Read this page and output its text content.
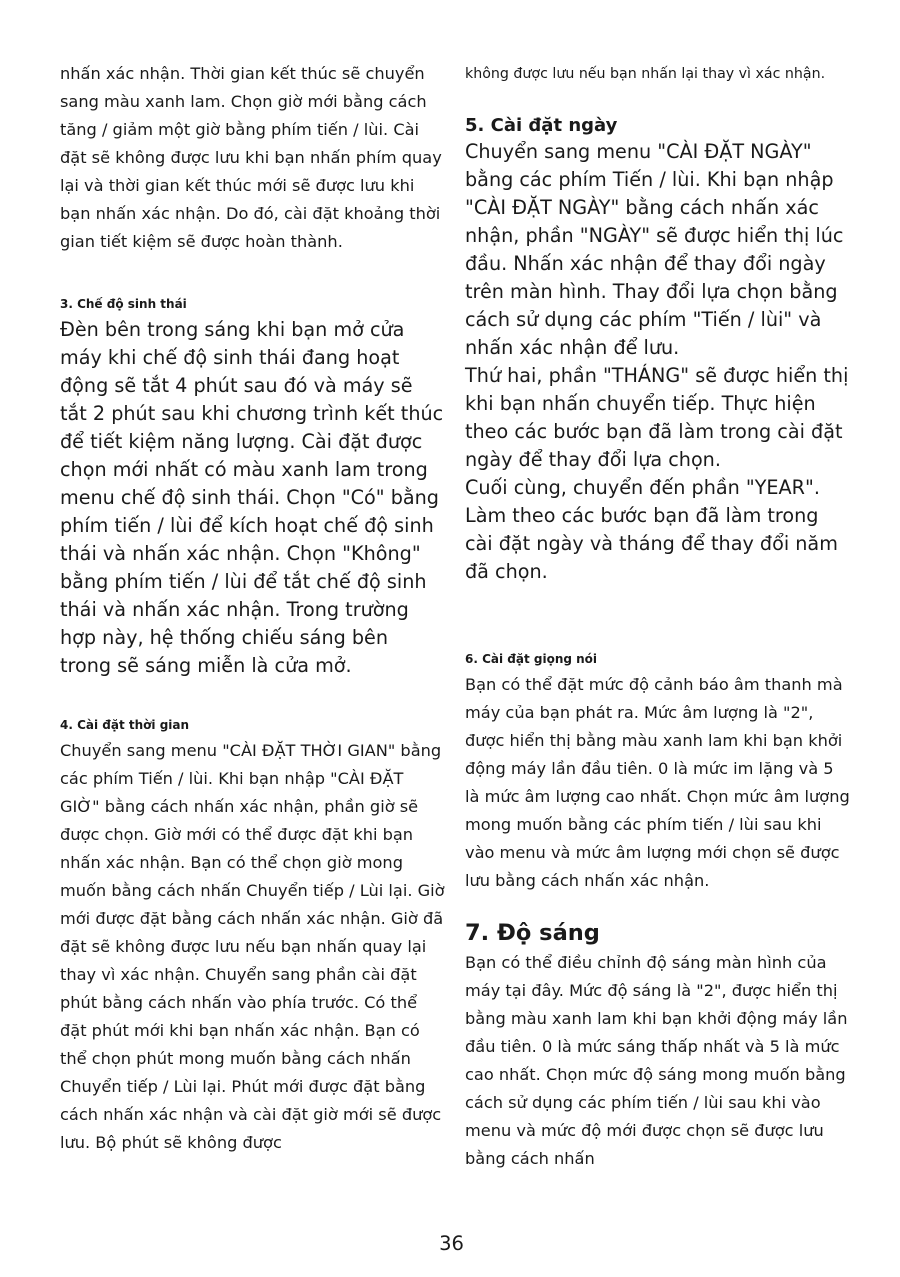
nhấn xác nhận. Thời gian kết thúc sẽ chuyển sang màu xanh lam. Chọn giờ mới bằng cách tăng / giảm một giờ bằng phím tiến / lùi. Cài đặt sẽ không được lưu khi bạn nhấn phím quay lại và thời gian kết thúc mới sẽ được lưu khi bạn nhấn xác nhận. Do đó, cài đặt khoảng thời gian tiết kiệm sẽ được hoàn thành.

3. Chế độ sinh thái

Đèn bên trong sáng khi bạn mở cửa máy khi chế độ sinh thái đang hoạt động sẽ tắt 4 phút sau đó và máy sẽ tắt 2 phút sau khi chương trình kết thúc để tiết kiệm năng lượng. Cài đặt được chọn mới nhất có màu xanh lam trong menu chế độ sinh thái. Chọn "Có" bằng phím tiến / lùi để kích hoạt chế độ sinh thái và nhấn xác nhận. Chọn "Không" bằng phím tiến / lùi để tắt chế độ sinh thái và nhấn xác nhận. Trong trường hợp này, hệ thống chiếu sáng bên trong sẽ sáng miễn là cửa mở.

4. Cài đặt thời gian

Chuyển sang menu "CÀI ĐẶT THỜI GIAN" bằng các phím Tiến / lùi. Khi bạn nhập "CÀI ĐẶT GIỜ" bằng cách nhấn xác nhận, phần giờ sẽ được chọn. Giờ mới có thể được đặt khi bạn nhấn xác nhận. Bạn có thể chọn giờ mong muốn bằng cách nhấn Chuyển tiếp / Lùi lại. Giờ mới được đặt bằng cách nhấn xác nhận. Giờ đã đặt sẽ không được lưu nếu bạn nhấn quay lại thay vì xác nhận. Chuyển sang phần cài đặt phút bằng cách nhấn vào phía trước. Có thể đặt phút mới khi bạn nhấn xác nhận. Bạn có thể chọn phút mong muốn bằng cách nhấn Chuyển tiếp / Lùi lại. Phút mới được đặt bằng cách nhấn xác nhận và cài đặt giờ mới sẽ được lưu. Bộ phút sẽ không được

không được lưu nếu bạn nhấn lại thay vì xác nhận.

5. Cài đặt ngày

Chuyển sang menu "CÀI ĐẶT NGÀY" bằng các phím Tiến / lùi. Khi bạn nhập "CÀI ĐẶT NGÀY" bằng cách nhấn xác nhận, phần "NGÀY" sẽ được hiển thị lúc đầu. Nhấn xác nhận để thay đổi ngày trên màn hình. Thay đổi lựa chọn bằng cách sử dụng các phím "Tiến / lùi" và nhấn xác nhận để lưu.

Thứ hai, phần "THÁNG" sẽ được hiển thị khi bạn nhấn chuyển tiếp. Thực hiện theo các bước bạn đã làm trong cài đặt ngày để thay đổi lựa chọn.

Cuối cùng, chuyển đến phần "YEAR". Làm theo các bước bạn đã làm trong cài đặt ngày và tháng để thay đổi năm đã chọn.

6. Cài đặt giọng nói

Bạn có thể đặt mức độ cảnh báo âm thanh mà máy của bạn phát ra. Mức âm lượng là "2", được hiển thị bằng màu xanh lam khi bạn khởi động máy lần đầu tiên. 0 là mức im lặng và 5 là mức âm lượng cao nhất. Chọn mức âm lượng mong muốn bằng các phím tiến / lùi sau khi vào menu và mức âm lượng mới chọn sẽ được lưu bằng cách nhấn xác nhận.

7. Độ sáng

Bạn có thể điều chỉnh độ sáng màn hình của máy tại đây. Mức độ sáng là "2", được hiển thị bằng màu xanh lam khi bạn khởi động máy lần đầu tiên. 0 là mức sáng thấp nhất và 5 là mức cao nhất. Chọn mức độ sáng mong muốn bằng cách sử dụng các phím tiến / lùi sau khi vào menu và mức độ mới được chọn sẽ được lưu bằng cách nhấn

36
